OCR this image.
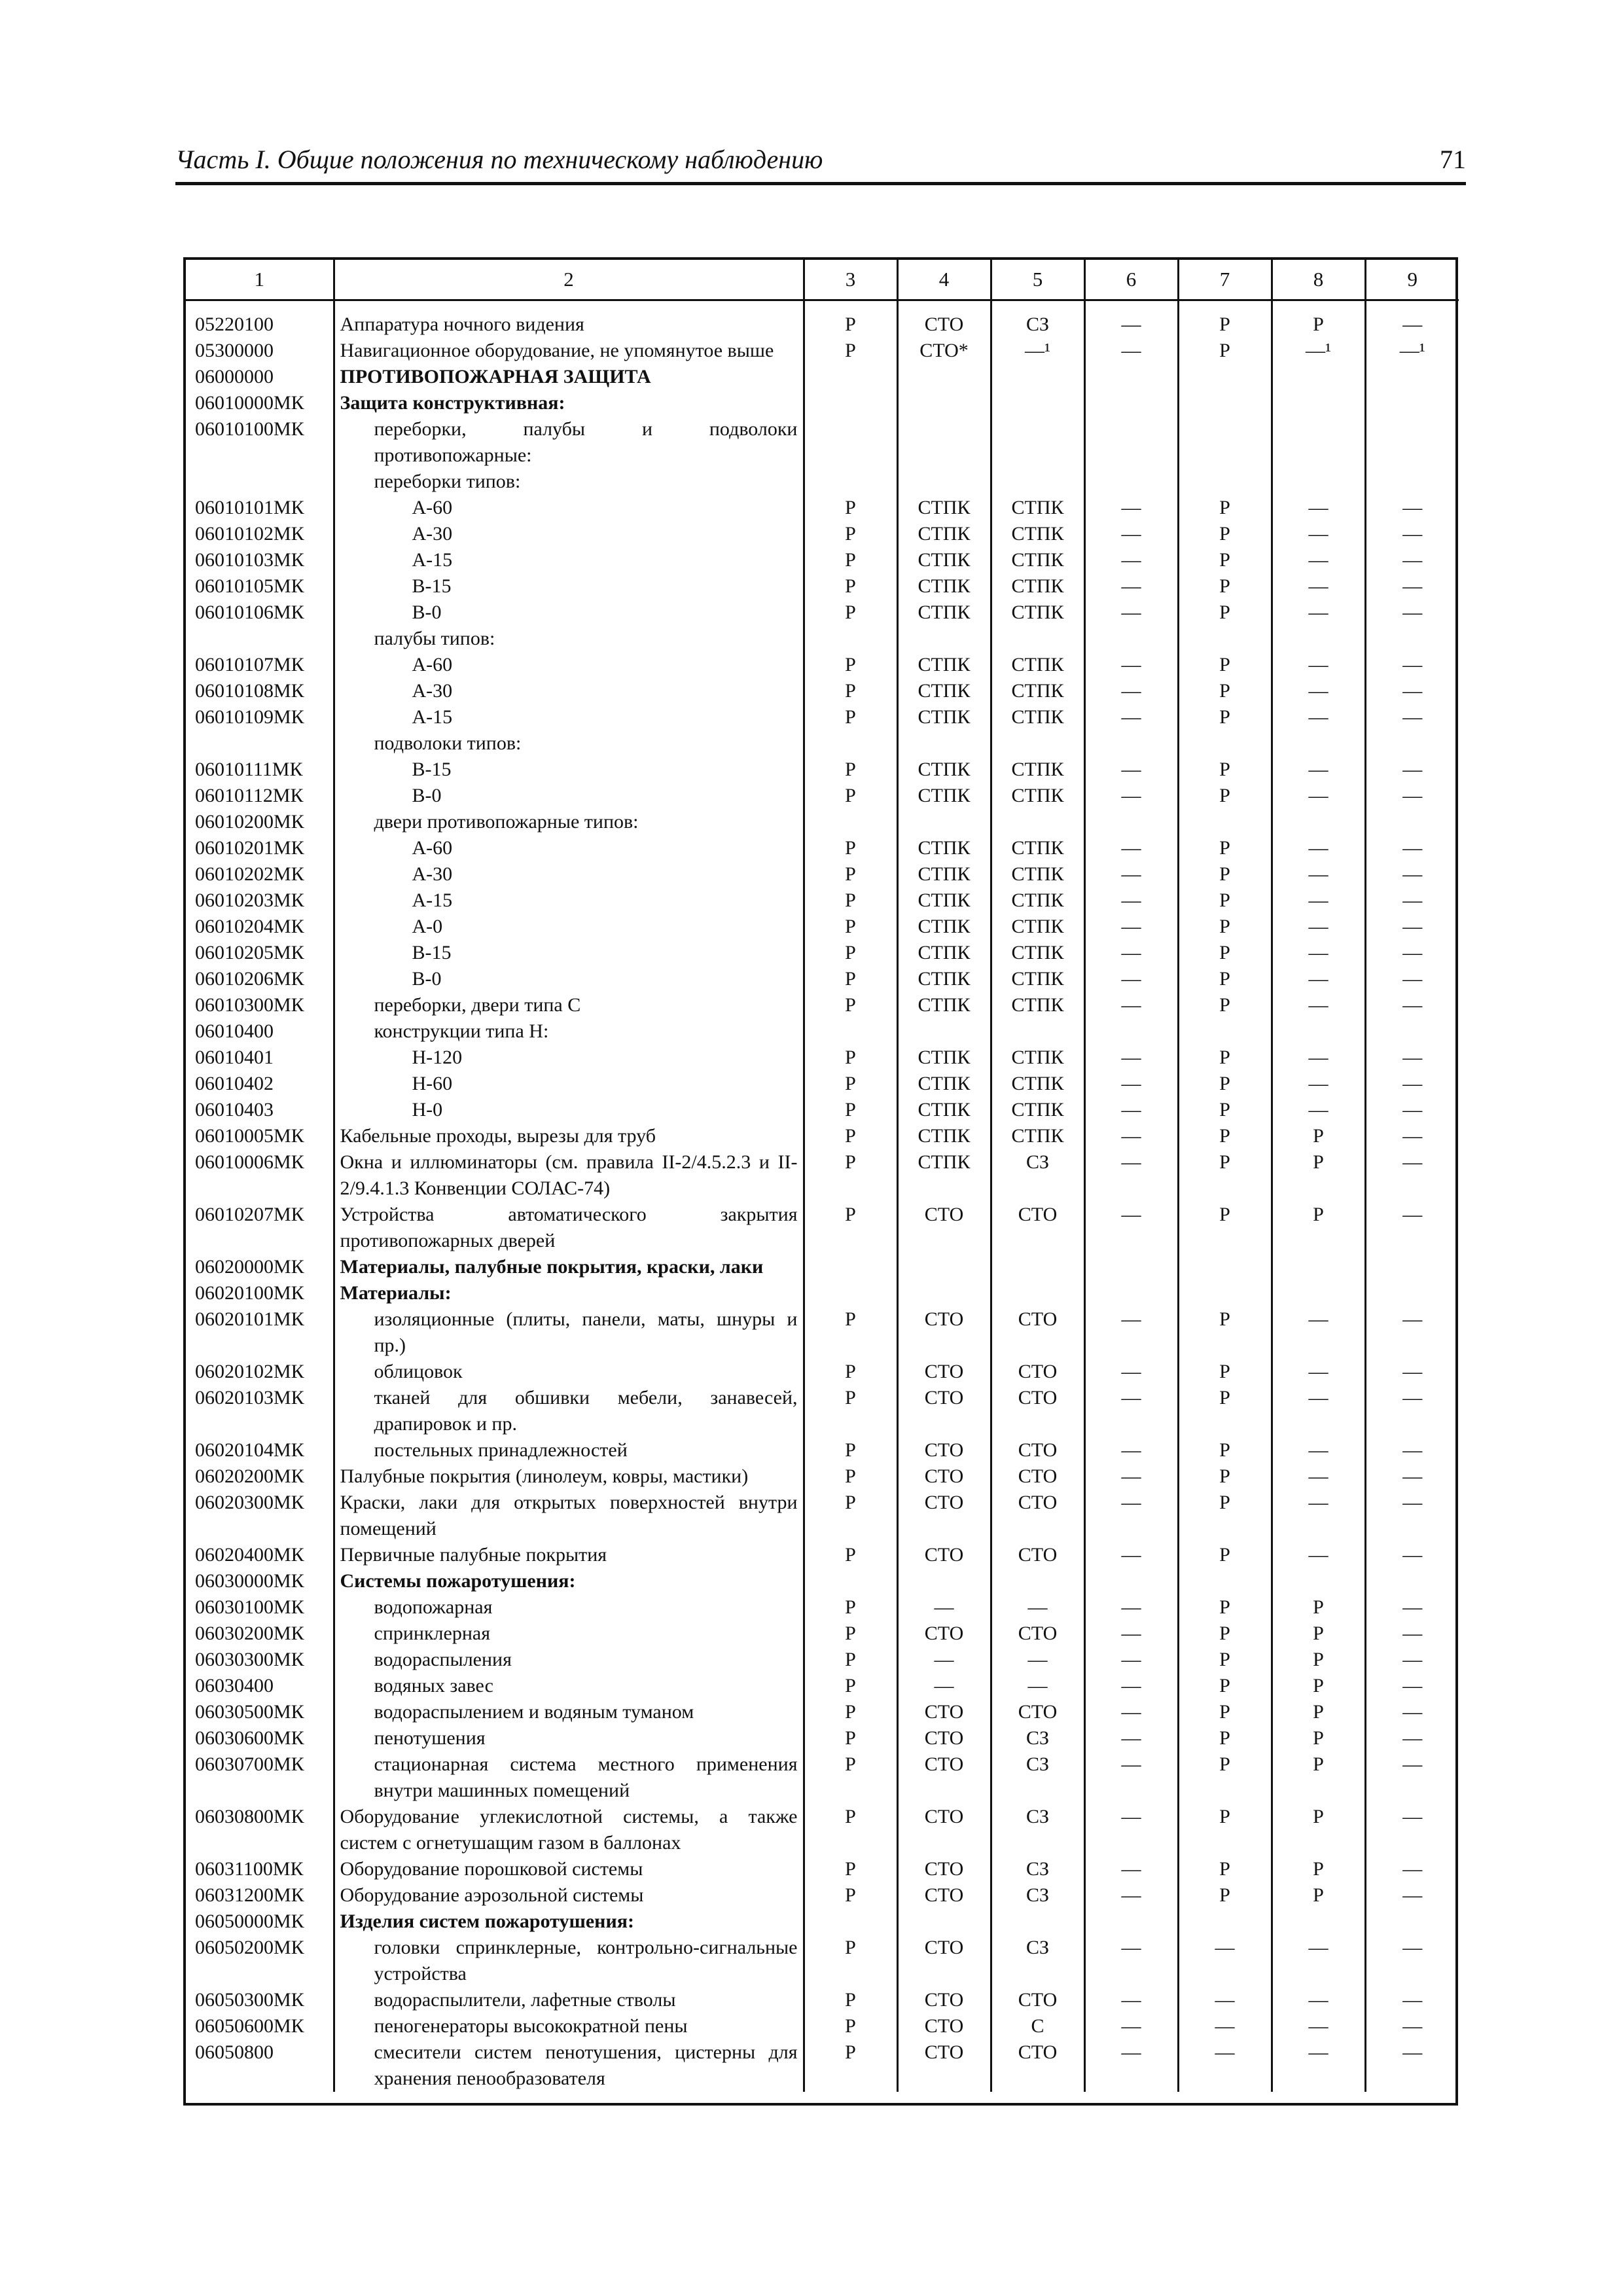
Часть I. Общие положения по техническому наблюдению	71
1	2	3	4	5	6	7	8	9
05220100	Аппаратура ночного видения	Р	СТО	СЗ	—	Р	Р	—
05300000	Навигационное оборудование, не упомянутое выше	Р	СТО*	—¹	—	Р	—¹	—¹
06000000	ПРОТИВОПОЖАРНАЯ ЗАЩИТА							
06010000МК	Защита конструктивная:							
06010100МК	переборки, палубы и подволоки противопожарные:							
	переборки типов:							
06010101МК	А-60	Р	СТПК	СТПК	—	Р	—	—
06010102МК	А-30	Р	СТПК	СТПК	—	Р	—	—
06010103МК	А-15	Р	СТПК	СТПК	—	Р	—	—
06010105МК	В-15	Р	СТПК	СТПК	—	Р	—	—
06010106МК	В-0	Р	СТПК	СТПК	—	Р	—	—
	палубы типов:							
06010107МК	А-60	Р	СТПК	СТПК	—	Р	—	—
06010108МК	А-30	Р	СТПК	СТПК	—	Р	—	—
06010109МК	А-15	Р	СТПК	СТПК	—	Р	—	—
	подволоки типов:							
06010111МК	В-15	Р	СТПК	СТПК	—	Р	—	—
06010112МК	В-0	Р	СТПК	СТПК	—	Р	—	—
06010200МК	двери противопожарные типов:							
06010201МК	А-60	Р	СТПК	СТПК	—	Р	—	—
06010202МК	А-30	Р	СТПК	СТПК	—	Р	—	—
06010203МК	А-15	Р	СТПК	СТПК	—	Р	—	—
06010204МК	А-0	Р	СТПК	СТПК	—	Р	—	—
06010205МК	В-15	Р	СТПК	СТПК	—	Р	—	—
06010206МК	В-0	Р	СТПК	СТПК	—	Р	—	—
06010300МК	переборки, двери типа С	Р	СТПК	СТПК	—	Р	—	—
06010400	конструкции типа Н:							
06010401	Н-120	Р	СТПК	СТПК	—	Р	—	—
06010402	Н-60	Р	СТПК	СТПК	—	Р	—	—
06010403	Н-0	Р	СТПК	СТПК	—	Р	—	—
06010005МК	Кабельные проходы, вырезы для труб	Р	СТПК	СТПК	—	Р	Р	—
06010006МК	Окна и иллюминаторы (см. правила II-2/4.5.2.3 и II-2/9.4.1.3 Конвенции СОЛАС-74)	Р	СТПК	СЗ	—	Р	Р	—
06010207МК	Устройства автоматического закрытия противопожарных дверей	Р	СТО	СТО	—	Р	Р	—
06020000МК	Материалы, палубные покрытия, краски, лаки							
06020100МК	Материалы:							
06020101МК	изоляционные (плиты, панели, маты, шнуры и пр.)	Р	СТО	СТО	—	Р	—	—
06020102МК	облицовок	Р	СТО	СТО	—	Р	—	—
06020103МК	тканей для обшивки мебели, занавесей, драпировок и пр.	Р	СТО	СТО	—	Р	—	—
06020104МК	постельных принадлежностей	Р	СТО	СТО	—	Р	—	—
06020200МК	Палубные покрытия (линолеум, ковры, мастики)	Р	СТО	СТО	—	Р	—	—
06020300МК	Краски, лаки для открытых поверхностей внутри помещений	Р	СТО	СТО	—	Р	—	—
06020400МК	Первичные палубные покрытия	Р	СТО	СТО	—	Р	—	—
06030000МК	Системы пожаротушения:							
06030100МК	водопожарная	Р	—	—	—	Р	Р	—
06030200МК	спринклерная	Р	СТО	СТО	—	Р	Р	—
06030300МК	водораспыления	Р	—	—	—	Р	Р	—
06030400	водяных завес	Р	—	—	—	Р	Р	—
06030500МК	водораспылением и водяным туманом	Р	СТО	СТО	—	Р	Р	—
06030600МК	пенотушения	Р	СТО	СЗ	—	Р	Р	—
06030700МК	стационарная система местного применения внутри машинных помещений	Р	СТО	СЗ	—	Р	Р	—
06030800МК	Оборудование углекислотной системы, а также систем с огнетушащим газом в баллонах	Р	СТО	СЗ	—	Р	Р	—
06031100МК	Оборудование порошковой системы	Р	СТО	СЗ	—	Р	Р	—
06031200МК	Оборудование аэрозольной системы	Р	СТО	СЗ	—	Р	Р	—
06050000МК	Изделия систем пожаротушения:							
06050200МК	головки спринклерные, контрольно-сигнальные устройства	Р	СТО	СЗ	—	—	—	—
06050300МК	водораспылители, лафетные стволы	Р	СТО	СТО	—	—	—	—
06050600МК	пеногенераторы высокократной пены	Р	СТО	С	—	—	—	—
06050800	смесители систем пенотушения, цистерны для хранения пенообразователя	Р	СТО	СТО	—	—	—	—
